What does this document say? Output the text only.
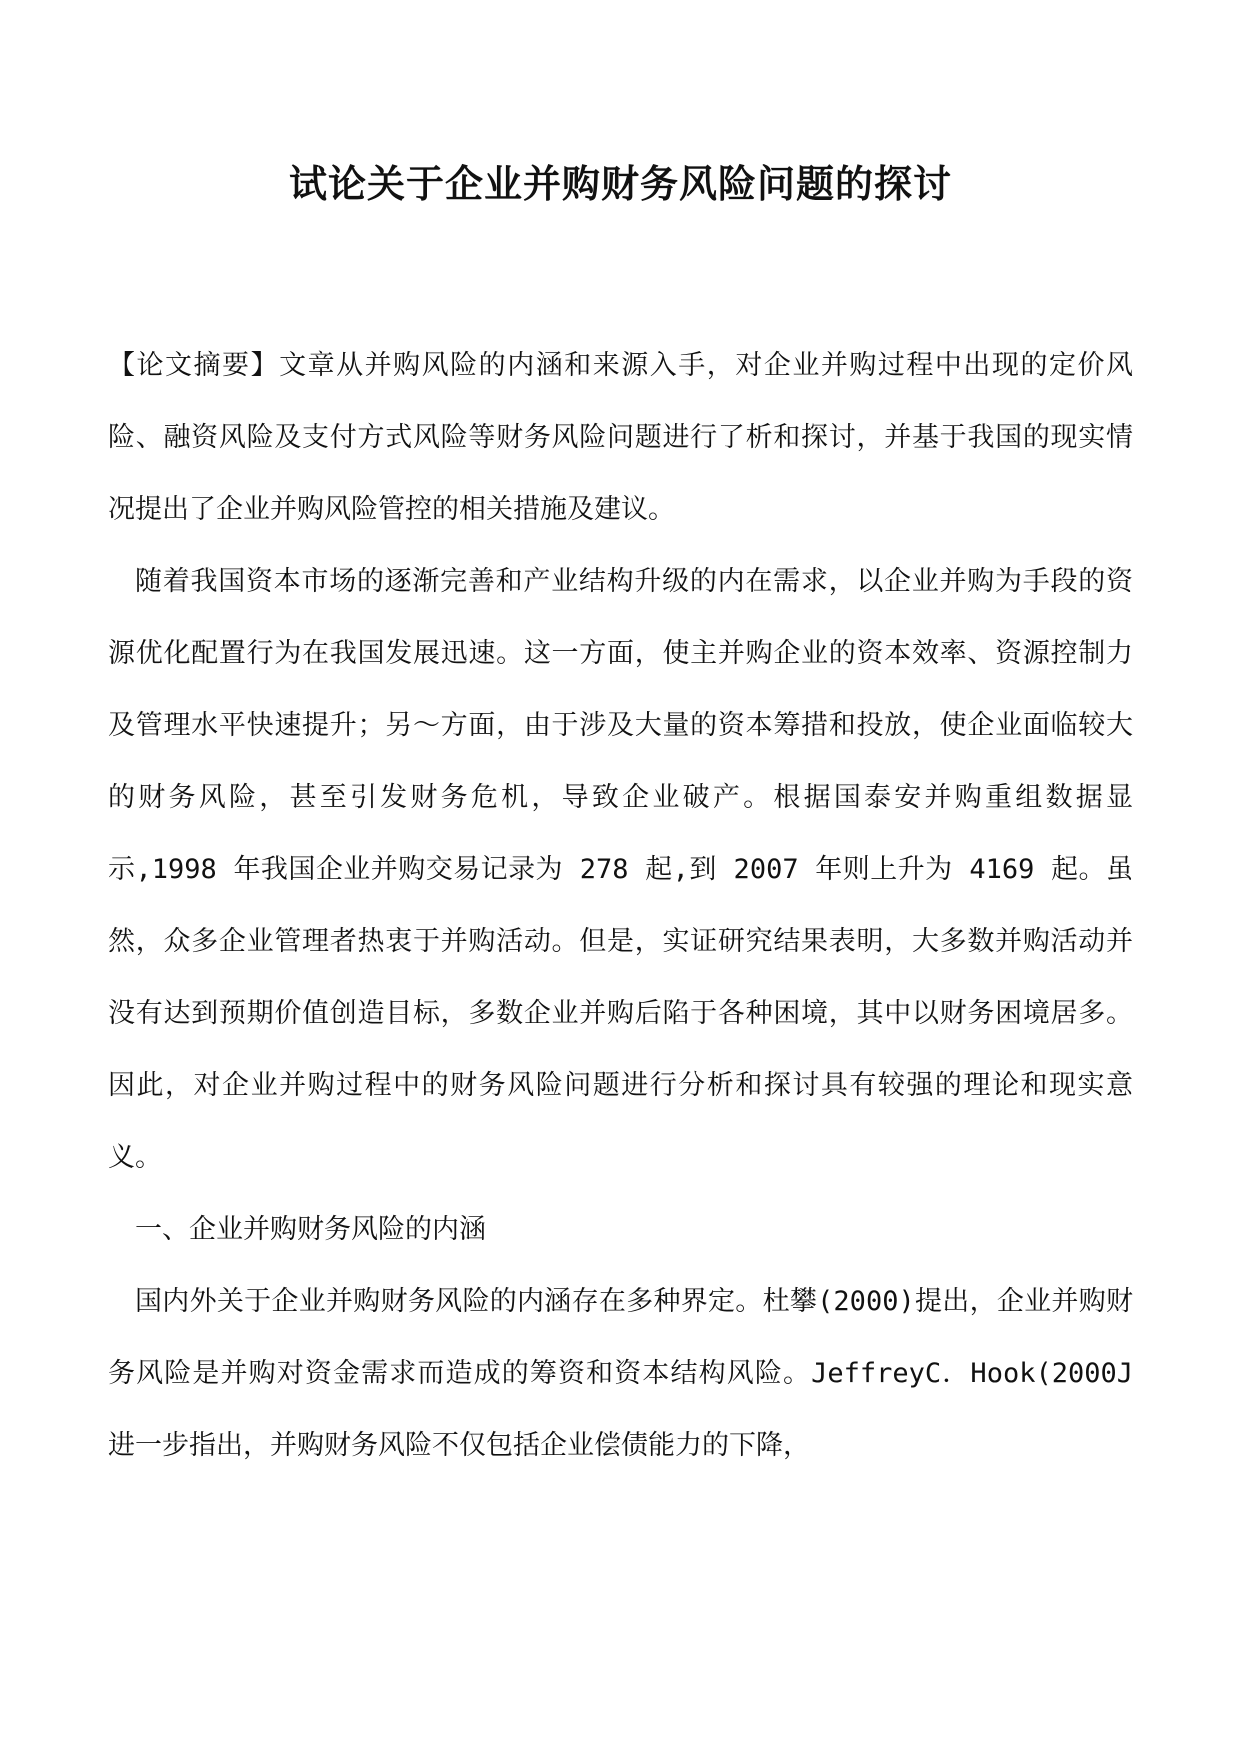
试论关于企业并购财务风险问题的探讨

【论文摘要】文章从并购风险的内涵和来源入手，对企业并购过程中出现的定价风险、融资风险及支付方式风险等财务风险问题进行了析和探讨，并基于我国的现实情况提出了企业并购风险管控的相关措施及建议。

随着我国资本市场的逐渐完善和产业结构升级的内在需求，以企业并购为手段的资源优化配置行为在我国发展迅速。这一方面，使主并购企业的资本效率、资源控制力及管理水平快速提升；另～方面，由于涉及大量的资本筹措和投放，使企业面临较大的财务风险，甚至引发财务危机，导致企业破产。根据国泰安并购重组数据显示,1998 年我国企业并购交易记录为 278 起,到 2007 年则上升为 4169 起。虽然，众多企业管理者热衷于并购活动。但是，实证研究结果表明，大多数并购活动并没有达到预期价值创造目标，多数企业并购后陷于各种困境，其中以财务困境居多。因此，对企业并购过程中的财务风险问题进行分析和探讨具有较强的理论和现实意义。

一、企业并购财务风险的内涵

国内外关于企业并购财务风险的内涵存在多种界定。杜攀(2000)提出，企业并购财务风险是并购对资金需求而造成的筹资和资本结构风险。JeffreyC．Hook(2000J 进一步指出，并购财务风险不仅包括企业偿债能力的下降，
